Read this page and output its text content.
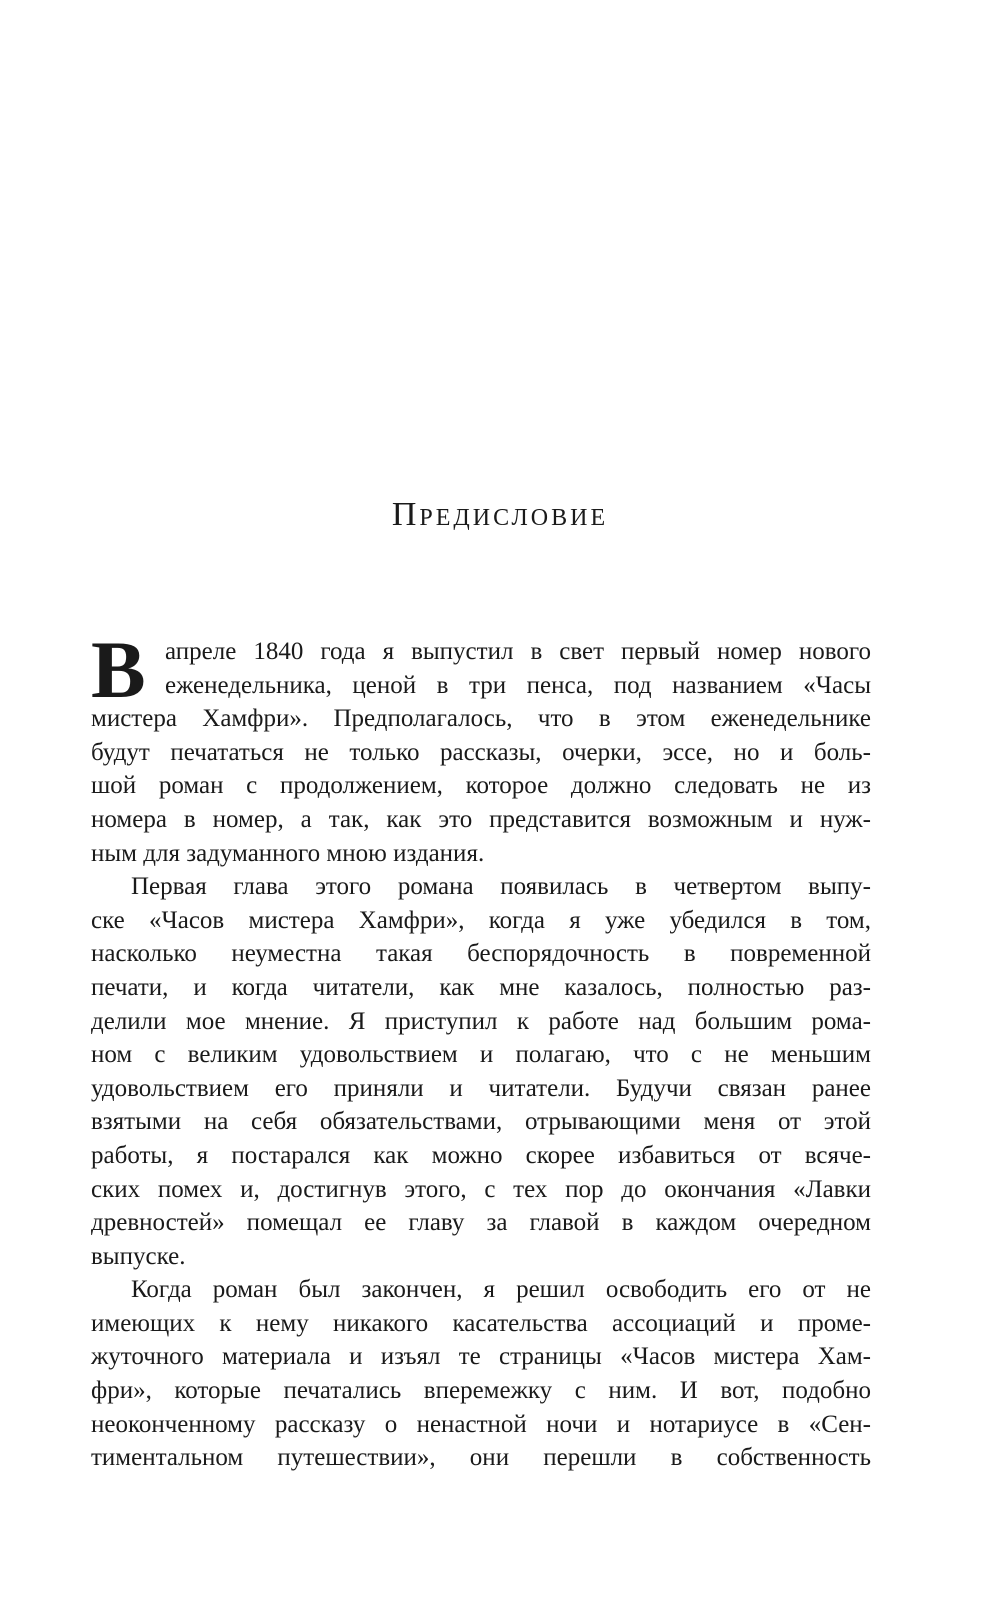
Предисловие
В апреле 1840 года я выпустил в свет первый номер нового
еженедельника, ценой в три пенса, под названием «Часы
мистера Хамфри». Предполагалось, что в этом еженедельнике
будут печататься не только рассказы, очерки, эссе, но и боль-
шой роман с продолжением, которое должно следовать не из
номера в номер, а так, как это представится возможным и нуж-
ным для задуманного мною издания.
Первая глава этого романа появилась в четвертом выпу-
ске «Часов мистера Хамфри», когда я уже убедился в том,
насколько неуместна такая беспорядочность в повременной
печати, и когда читатели, как мне казалось, полностью раз-
делили мое мнение. Я приступил к работе над большим рома-
ном с великим удовольствием и полагаю, что с не меньшим
удовольствием его приняли и читатели. Будучи связан ранее
взятыми на себя обязательствами, отрывающими меня от этой
работы, я постарался как можно скорее избавиться от всяче-
ских помех и, достигнув этого, с тех пор до окончания «Лавки
древностей» помещал ее главу за главой в каждом очередном
выпуске.
Когда роман был закончен, я решил освободить его от не
имеющих к нему никакого касательства ассоциаций и проме-
жуточного материала и изъял те страницы «Часов мистера Хам-
фри», которые печатались вперемежку с ним. И вот, подобно
неоконченному рассказу о ненастной ночи и нотариусе в «Сен-
тиментальном путешествии», они перешли в собственность
